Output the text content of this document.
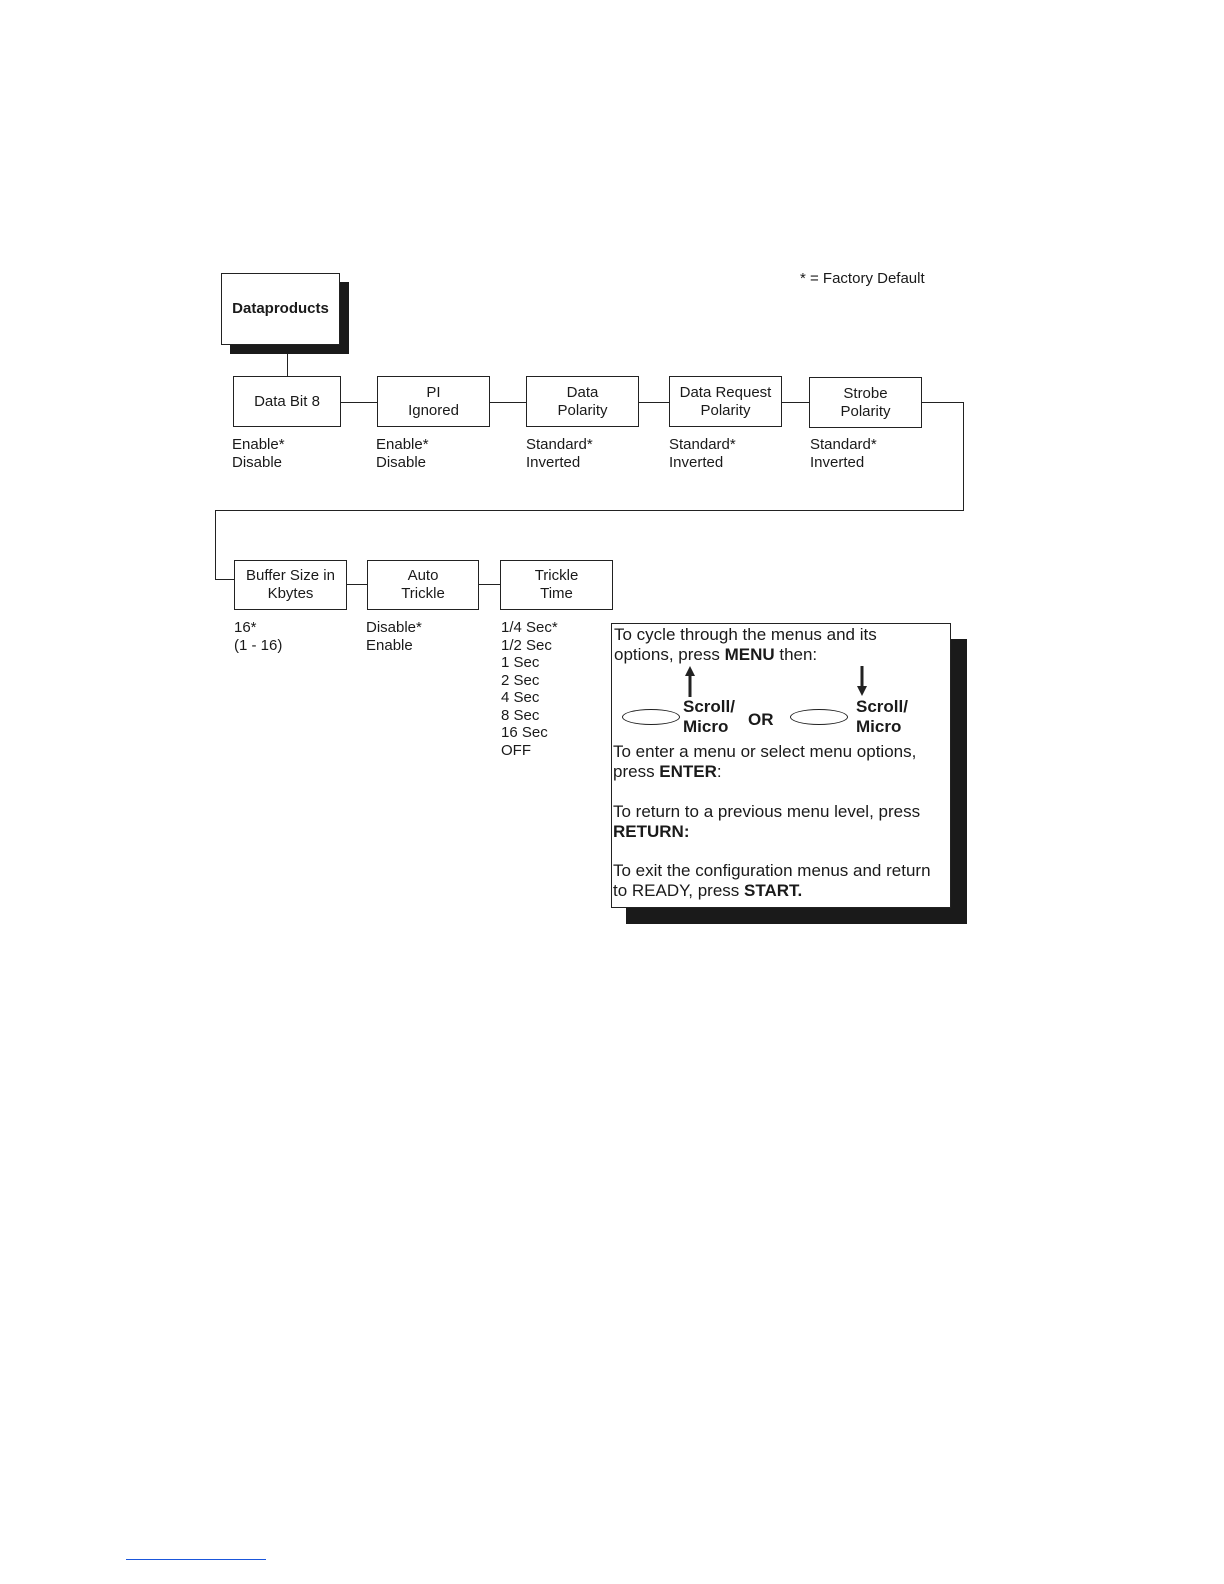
* = Factory Default
Dataproducts
Data Bit 8
PI
Ignored
Data
Polarity
Data Request
Polarity
Strobe
Polarity
Enable*
Disable
Enable*
Disable
Standard*
Inverted
Standard*
Inverted
Standard*
Inverted
Buffer Size in
Kbytes
Auto
Trickle
Trickle
Time
16*
(1 - 16)
Disable*
Enable
1/4 Sec*
1/2 Sec
1 Sec
2 Sec
4 Sec
8 Sec
16 Sec
OFF

To cycle through the menus and its
options, press MENU then:

Scroll/
Micro	OR
Scroll/
Micro
To enter a menu or select menu options,
press ENTER:
To return to a previous menu level, press
RETURN:
To exit the configuration menus and return
to READY, press START.
